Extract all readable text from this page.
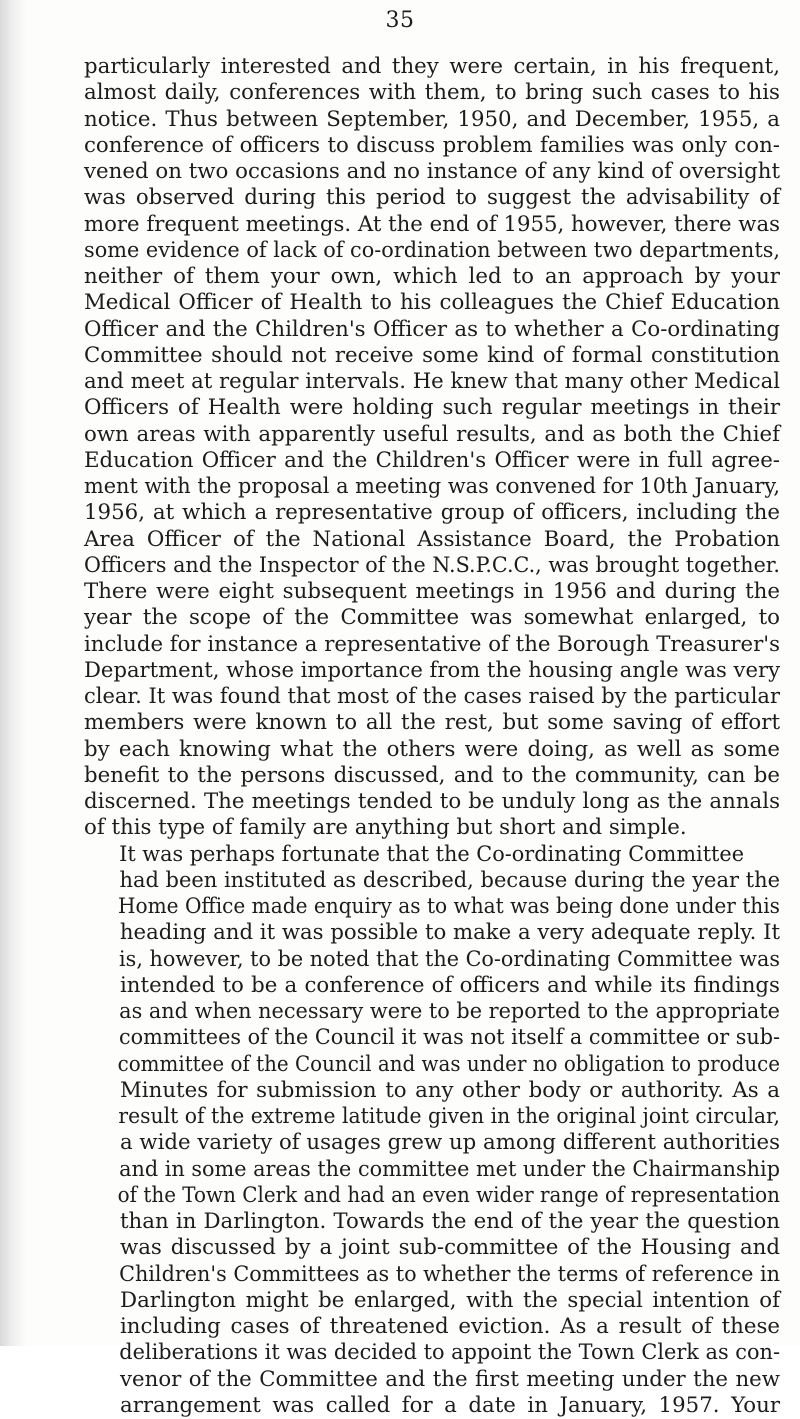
35

particularly interested and they were certain, in his frequent,
almost daily, conferences with them, to bring such cases to his
notice. Thus between September, 1950, and December, 1955, a
conference of officers to discuss problem families was only con-
vened on two occasions and no instance of any kind of oversight
was observed during this period to suggest the advisability of
more frequent meetings. At the end of 1955, however, there was
some evidence of lack of co-ordination between two departments,
neither of them your own, which led to an approach by your
Medical Officer of Health to his colleagues the Chief Education
Officer and the Children's Officer as to whether a Co-ordinating
Committee should not receive some kind of formal constitution
and meet at regular intervals. He knew that many other Medical
Officers of Health were holding such regular meetings in their
own areas with apparently useful results, and as both the Chief
Education Officer and the Children's Officer were in full agree-
ment with the proposal a meeting was convened for 10th January,
1956, at which a representative group of officers, including the
Area Officer of the National Assistance Board, the Probation
Officers and the Inspector of the N.S.P.C.C., was brought together.
There were eight subsequent meetings in 1956 and during the
year the scope of the Committee was somewhat enlarged, to
include for instance a representative of the Borough Treasurer's
Department, whose importance from the housing angle was very
clear. It was found that most of the cases raised by the particular
members were known to all the rest, but some saving of effort
by each knowing what the others were doing, as well as some
benefit to the persons discussed, and to the community, can be
discerned. The meetings tended to be unduly long as the annals
of this type of family are anything but short and simple.

It was perhaps fortunate that the Co-ordinating Committee
had been instituted as described, because during the year the
Home Office made enquiry as to what was being done under this
heading and it was possible to make a very adequate reply. It
is, however, to be noted that the Co-ordinating Committee was
intended to be a conference of officers and while its findings
as and when necessary were to be reported to the appropriate
committees of the Council it was not itself a committee or sub-
committee of the Council and was under no obligation to produce
Minutes for submission to any other body or authority. As a
result of the extreme latitude given in the original joint circular,
a wide variety of usages grew up among different authorities
and in some areas the committee met under the Chairmanship
of the Town Clerk and had an even wider range of representation
than in Darlington. Towards the end of the year the question
was discussed by a joint sub-committee of the Housing and
Children's Committees as to whether the terms of reference in
Darlington might be enlarged, with the special intention of
including cases of threatened eviction. As a result of these
deliberations it was decided to appoint the Town Clerk as con-
venor of the Committee and the first meeting under the new
arrangement was called for a date in January, 1957. Your
